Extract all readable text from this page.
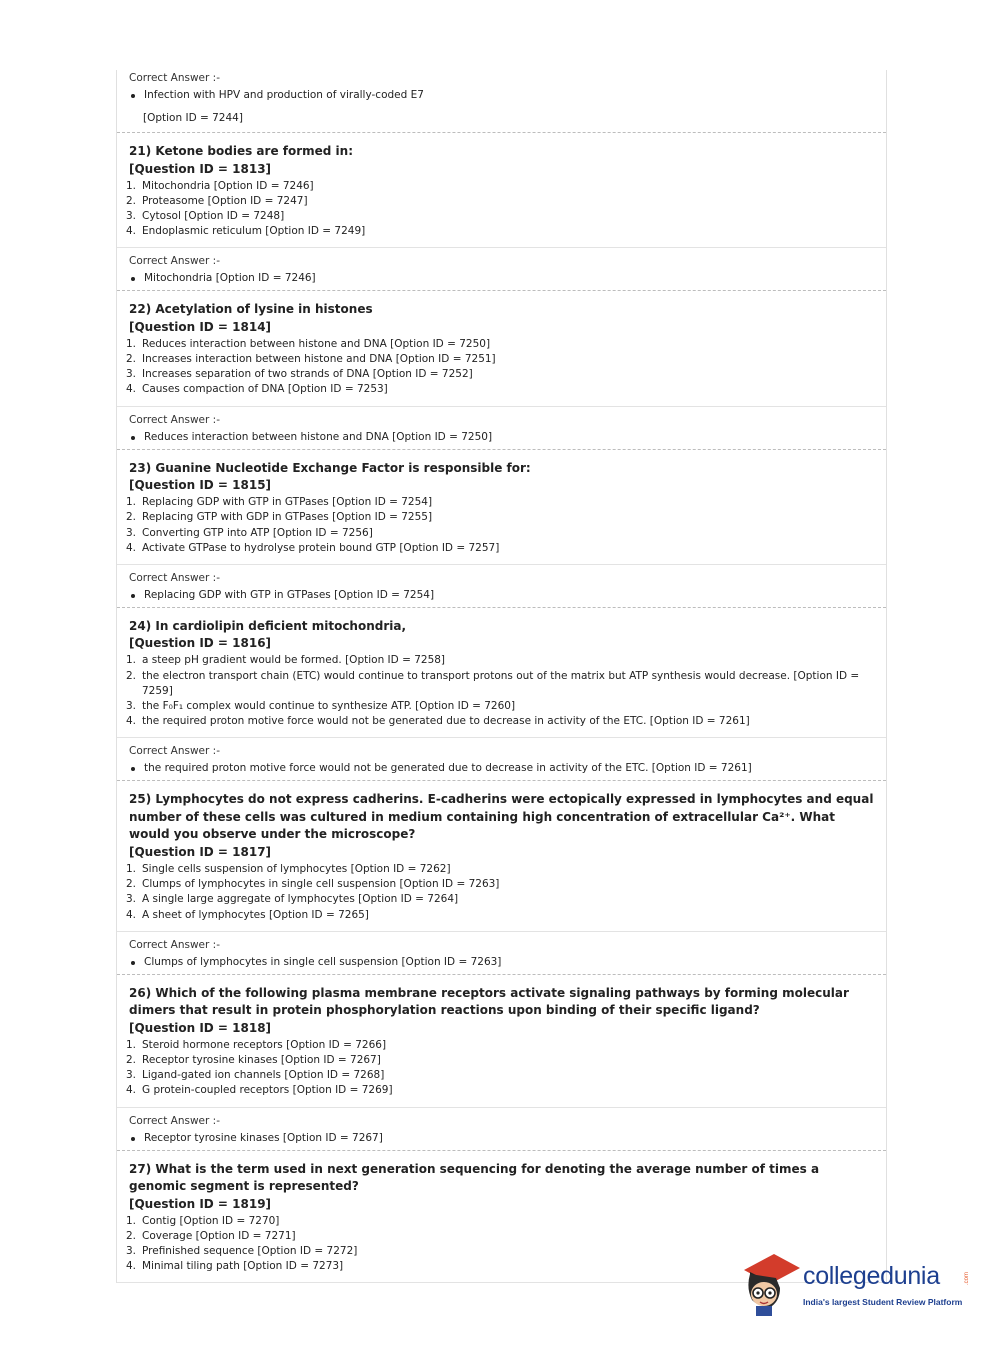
Correct Answer :-
Infection with HPV and production of virally-coded E7
[Option ID = 7244]

21) Ketone bodies are formed in:

[Question ID = 1813]

1. Mitochondria [Option ID = 7246]
2. Proteasome [Option ID = 7247]
3. Cytosol [Option ID = 7248]
4. Endoplasmic reticulum [Option ID = 7249]
Correct Answer :-
Mitochondria [Option ID = 7246]

22) Acetylation of lysine in histones

[Question ID = 1814]

1. Reduces interaction between histone and DNA [Option ID = 7250]
2. Increases interaction between histone and DNA [Option ID = 7251]
3. Increases separation of two strands of DNA [Option ID = 7252]
4. Causes compaction of DNA [Option ID = 7253]
Correct Answer :-
Reduces interaction between histone and DNA [Option ID = 7250]

23) Guanine Nucleotide Exchange Factor is responsible for:

[Question ID = 1815]

1. Replacing GDP with GTP in GTPases [Option ID = 7254]
2. Replacing GTP with GDP in GTPases [Option ID = 7255]
3. Converting GTP into ATP [Option ID = 7256]
4. Activate GTPase to hydrolyse protein bound GTP [Option ID = 7257]
Correct Answer :-
Replacing GDP with GTP in GTPases [Option ID = 7254]

24) In cardiolipin deficient mitochondria,

[Question ID = 1816]

1. a steep pH gradient would be formed. [Option ID = 7258]
2. the electron transport chain (ETC) would continue to transport protons out of the matrix but ATP synthesis would decrease. [Option ID = 7259]
3. the F₀F₁ complex would continue to synthesize ATP. [Option ID = 7260]
4. the required proton motive force would not be generated due to decrease in activity of the ETC. [Option ID = 7261]
Correct Answer :-
the required proton motive force would not be generated due to decrease in activity of the ETC. [Option ID = 7261]

25) Lymphocytes do not express cadherins. E-cadherins were ectopically expressed in lymphocytes and equal number of these cells was cultured in medium containing high concentration of extracellular Ca²⁺. What would you observe under the microscope?

[Question ID = 1817]

1. Single cells suspension of lymphocytes [Option ID = 7262]
2. Clumps of lymphocytes in single cell suspension [Option ID = 7263]
3. A single large aggregate of lymphocytes [Option ID = 7264]
4. A sheet of lymphocytes [Option ID = 7265]
Correct Answer :-
Clumps of lymphocytes in single cell suspension [Option ID = 7263]

26) Which of the following plasma membrane receptors activate signaling pathways by forming molecular dimers that result in protein phosphorylation reactions upon binding of their specific ligand?

[Question ID = 1818]

1. Steroid hormone receptors [Option ID = 7266]
2. Receptor tyrosine kinases [Option ID = 7267]
3. Ligand-gated ion channels [Option ID = 7268]
4. G protein-coupled receptors [Option ID = 7269]
Correct Answer :-
Receptor tyrosine kinases [Option ID = 7267]

27) What is the term used in next generation sequencing for denoting the average number of times a genomic segment is represented?

[Question ID = 1819]

1. Contig [Option ID = 7270]
2. Coverage [Option ID = 7271]
3. Prefinished sequence [Option ID = 7272]
4. Minimal tiling path [Option ID = 7273]	collegedunia	.com
India's largest Student Review Platform
